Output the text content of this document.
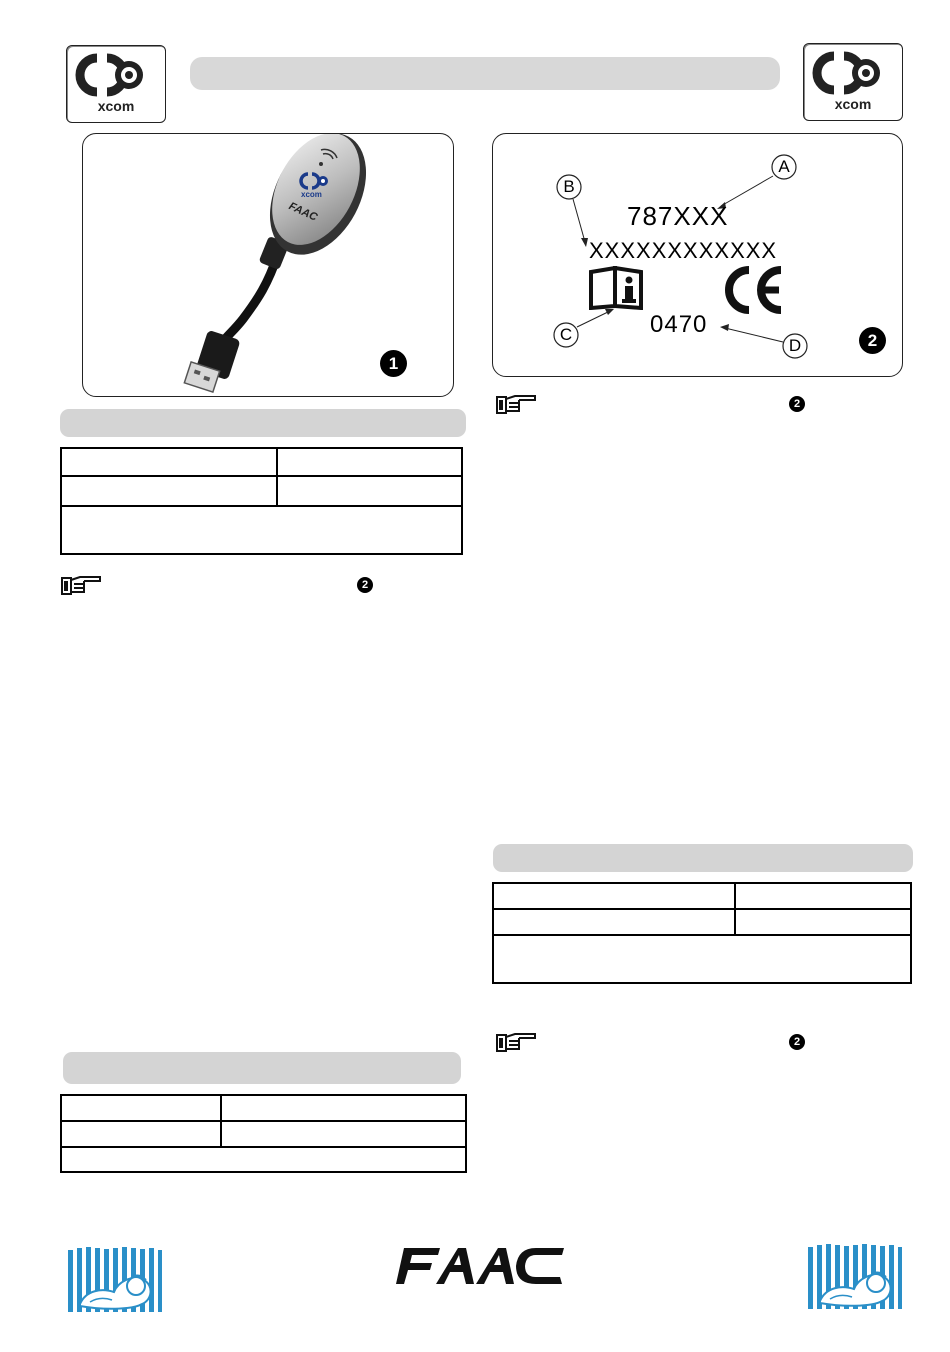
xcom	xcom
xcom
FAAC
1
A
B
C
D
787XXX
XXXXXXXXXXXX
0470
2

2

2

2
